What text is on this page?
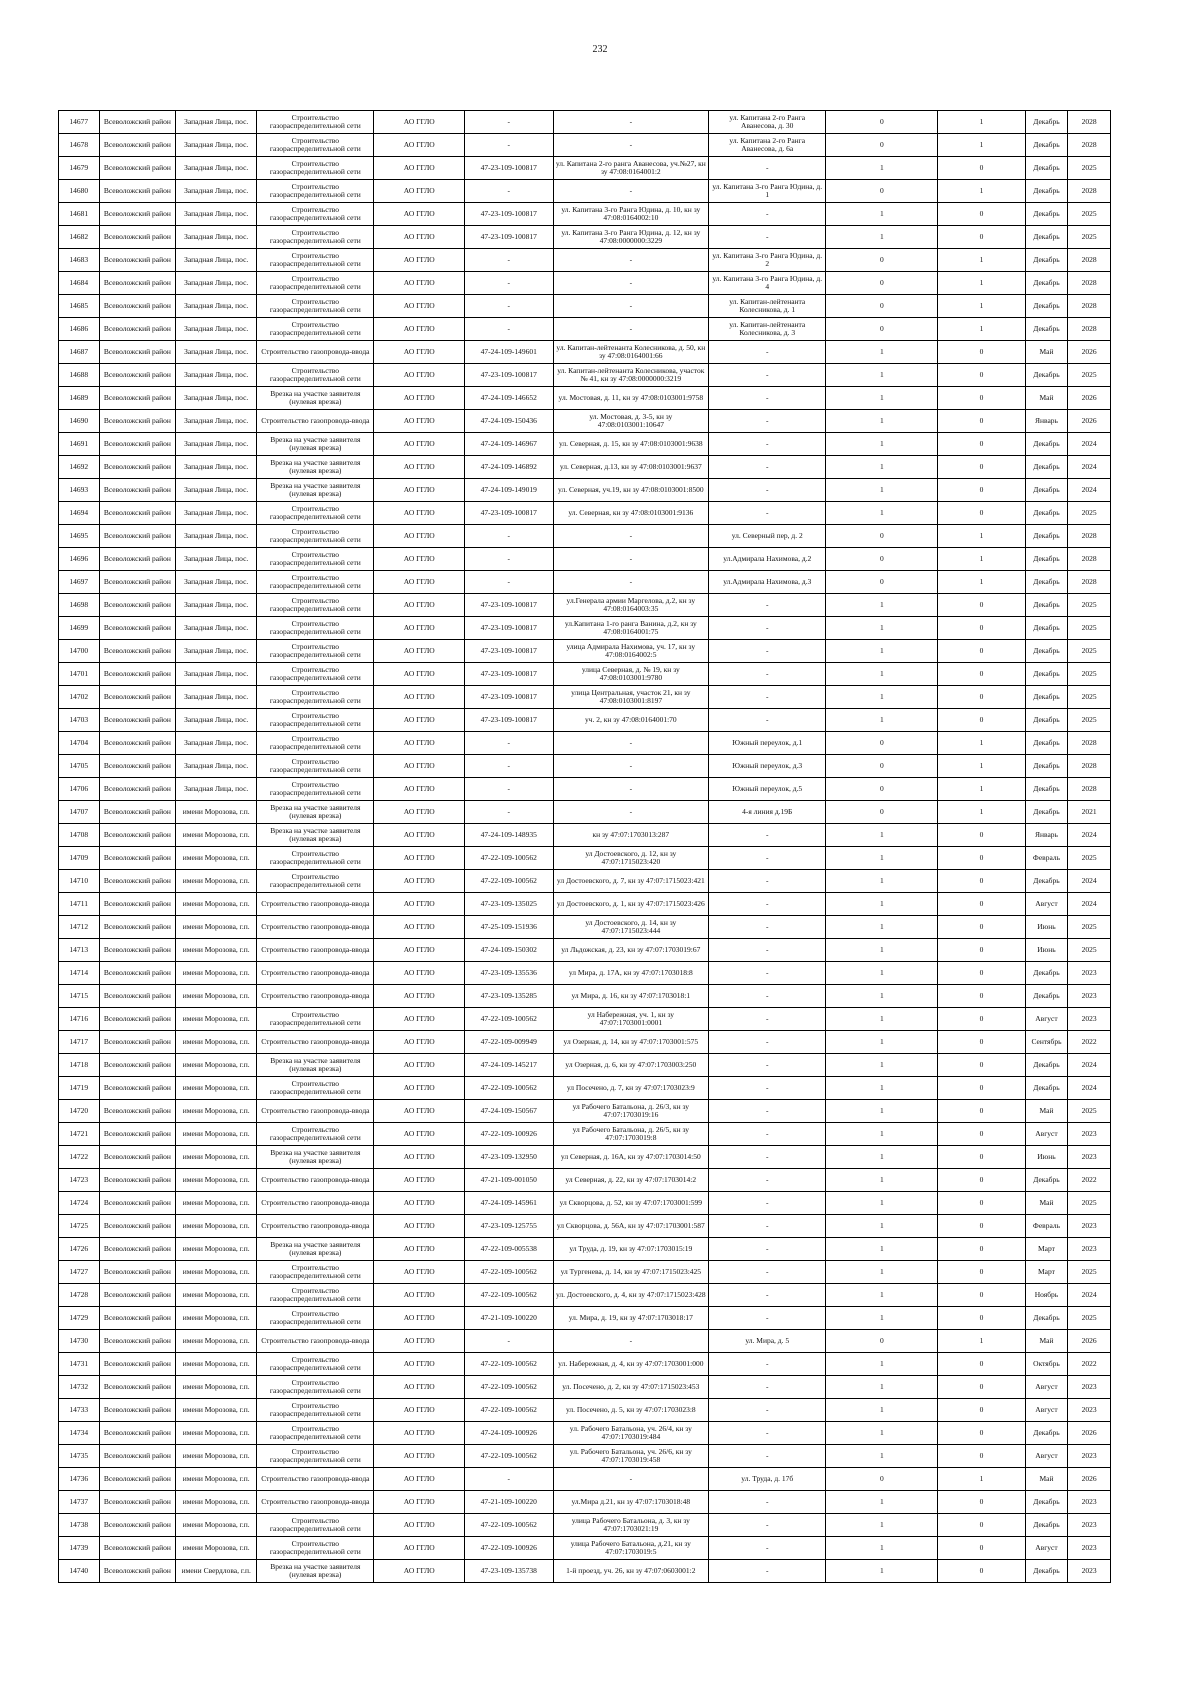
232
14677	Всеволожский район	Западная Лица, пос.	Строительство газораспределительной сети	АО ГГЛО	-	-	ул. Капитана 2-го Ранга Аванесова, д. 30	0	1	Декабрь	2028
14678	Всеволожский район	Западная Лица, пос.	Строительство газораспределительной сети	АО ГГЛО	-	-	ул. Капитана 2-го Ранга Аванесова, д. 6а	0	1	Декабрь	2028
14679	Всеволожский район	Западная Лица, пос.	Строительство газораспределительной сети	АО ГГЛО	47-23-109-100817	ул. Капитана 2-го ранга Аванесова, уч.№27, кн зу 47:08:0164001:2	-	1	0	Декабрь	2025
14680	Всеволожский район	Западная Лица, пос.	Строительство газораспределительной сети	АО ГГЛО	-	-	ул. Капитана 3-го Ранга Юдина, д. 1	0	1	Декабрь	2028
14681	Всеволожский район	Западная Лица, пос.	Строительство газораспределительной сети	АО ГГЛО	47-23-109-100817	ул. Капитана 3-го Ранга Юдина, д. 10, кн зу 47:08:0164002:10	-	1	0	Декабрь	2025
14682	Всеволожский район	Западная Лица, пос.	Строительство газораспределительной сети	АО ГГЛО	47-23-109-100817	ул. Капитана 3-го Ранга Юдина, д. 12, кн зу 47:08:0000000:3229	-	1	0	Декабрь	2025
14683	Всеволожский район	Западная Лица, пос.	Строительство газораспределительной сети	АО ГГЛО	-	-	ул. Капитана 3-го Ранга Юдина, д. 2	0	1	Декабрь	2028
14684	Всеволожский район	Западная Лица, пос.	Строительство газораспределительной сети	АО ГГЛО	-	-	ул. Капитана 3-го Ранга Юдина, д. 4	0	1	Декабрь	2028
14685	Всеволожский район	Западная Лица, пос.	Строительство газораспределительной сети	АО ГГЛО	-	-	ул. Капитан-лейтенанта Колесникова, д. 1	0	1	Декабрь	2028
14686	Всеволожский район	Западная Лица, пос.	Строительство газораспределительной сети	АО ГГЛО	-	-	ул. Капитан-лейтенанта Колесникова, д. 3	0	1	Декабрь	2028
14687	Всеволожский район	Западная Лица, пос.	Строительство газопровода-ввода	АО ГГЛО	47-24-109-149601	ул. Капитан-лейтенанта Колесникова, д. 50, кн зу 47:08:0164001:66	-	1	0	Май	2026
14688	Всеволожский район	Западная Лица, пос.	Строительство газораспределительной сети	АО ГГЛО	47-23-109-100817	ул. Капитан-лейтенанта Колесникова, участок № 41, кн зу 47:08:0000000:3219	-	1	0	Декабрь	2025
14689	Всеволожский район	Западная Лица, пос.	Врезка на участке заявителя (нулевая врезка)	АО ГГЛО	47-24-109-146652	ул. Мостовая, д. 11, кн зу 47:08:0103001:9758	-	1	0	Май	2026
14690	Всеволожский район	Западная Лица, пос.	Строительство газопровода-ввода	АО ГГЛО	47-24-109-150436	ул. Мостовая, д. 3-5, кн зу 47:08:0103001:10647	-	1	0	Январь	2026
14691	Всеволожский район	Западная Лица, пос.	Врезка на участке заявителя (нулевая врезка)	АО ГГЛО	47-24-109-146967	ул. Северная, д. 15, кн зу 47:08:0103001:9638	-	1	0	Декабрь	2024
14692	Всеволожский район	Западная Лица, пос.	Врезка на участке заявителя (нулевая врезка)	АО ГГЛО	47-24-109-146892	ул. Северная, д.13, кн зу 47:08:0103001:9637	-	1	0	Декабрь	2024
14693	Всеволожский район	Западная Лица, пос.	Врезка на участке заявителя (нулевая врезка)	АО ГГЛО	47-24-109-149019	ул. Северная, уч.19, кн зу 47:08:0103001:8500	-	1	0	Декабрь	2024
14694	Всеволожский район	Западная Лица, пос.	Строительство газораспределительной сети	АО ГГЛО	47-23-109-100817	ул. Северная, кн зу 47:08:0103001:9136	-	1	0	Декабрь	2025
14695	Всеволожский район	Западная Лица, пос.	Строительство газораспределительной сети	АО ГГЛО	-	-	ул. Северный пер, д. 2	0	1	Декабрь	2028
14696	Всеволожский район	Западная Лица, пос.	Строительство газораспределительной сети	АО ГГЛО	-	-	ул.Адмирала Нахимова, д.2	0	1	Декабрь	2028
14697	Всеволожский район	Западная Лица, пос.	Строительство газораспределительной сети	АО ГГЛО	-	-	ул.Адмирала Нахимова, д.3	0	1	Декабрь	2028
14698	Всеволожский район	Западная Лица, пос.	Строительство газораспределительной сети	АО ГГЛО	47-23-109-100817	ул.Генерала армии Маргелова, д.2, кн зу 47:08:0164003:35	-	1	0	Декабрь	2025
14699	Всеволожский район	Западная Лица, пос.	Строительство газораспределительной сети	АО ГГЛО	47-23-109-100817	ул.Капитана 1-го ранга Ванина, д.2, кн зу 47:08:0164001:75	-	1	0	Декабрь	2025
14700	Всеволожский район	Западная Лица, пос.	Строительство газораспределительной сети	АО ГГЛО	47-23-109-100817	улица Адмирала Нахимова, уч. 17, кн зу 47:08:0164002:5	-	1	0	Декабрь	2025
14701	Всеволожский район	Западная Лица, пос.	Строительство газораспределительной сети	АО ГГЛО	47-23-109-100817	улица Северная, д. № 19, кн зу 47:08:0103001:9780	-	1	0	Декабрь	2025
14702	Всеволожский район	Западная Лица, пос.	Строительство газораспределительной сети	АО ГГЛО	47-23-109-100817	улица Центральная, участок 21, кн зу 47:08:0103001:8197	-	1	0	Декабрь	2025
14703	Всеволожский район	Западная Лица, пос.	Строительство газораспределительной сети	АО ГГЛО	47-23-109-100817	уч. 2, кн зу 47:08:0164001:70	-	1	0	Декабрь	2025
14704	Всеволожский район	Западная Лица, пос.	Строительство газораспределительной сети	АО ГГЛО	-	-	Южный переулок, д.1	0	1	Декабрь	2028
14705	Всеволожский район	Западная Лица, пос.	Строительство газораспределительной сети	АО ГГЛО	-	-	Южный переулок, д.3	0	1	Декабрь	2028
14706	Всеволожский район	Западная Лица, пос.	Строительство газораспределительной сети	АО ГГЛО	-	-	Южный переулок, д.5	0	1	Декабрь	2028
14707	Всеволожский район	имени Морозова, г.п.	Врезка на участке заявителя (нулевая врезка)	АО ГГЛО	-	-	4-я линия д.19Б	0	1	Декабрь	2021
14708	Всеволожский район	имени Морозова, г.п.	Врезка на участке заявителя (нулевая врезка)	АО ГГЛО	47-24-109-148935	кн зу 47:07:1703013:287	-	1	0	Январь	2024
14709	Всеволожский район	имени Морозова, г.п.	Строительство газораспределительной сети	АО ГГЛО	47-22-109-100562	ул Достоевского, д. 12, кн зу 47:07:1715023:420	-	1	0	Февраль	2025
14710	Всеволожский район	имени Морозова, г.п.	Строительство газораспределительной сети	АО ГГЛО	47-22-109-100562	ул Достоевского, д. 7, кн зу 47:07:1715023:421	-	1	0	Декабрь	2024
14711	Всеволожский район	имени Морозова, г.п.	Строительство газопровода-ввода	АО ГГЛО	47-23-109-135025	ул Достоевского, д. 1, кн зу 47:07:1715023:426	-	1	0	Август	2024
14712	Всеволожский район	имени Морозова, г.п.	Строительство газопровода-ввода	АО ГГЛО	47-25-109-151936	ул Достоевского, д. 14, кн зу 47:07:1715023:444	-	1	0	Июнь	2025
14713	Всеволожский район	имени Морозова, г.п.	Строительство газопровода-ввода	АО ГГЛО	47-24-109-150302	ул Льдожская, д. 23, кн зу 47:07:1703019:67	-	1	0	Июнь	2025
14714	Всеволожский район	имени Морозова, г.п.	Строительство газопровода-ввода	АО ГГЛО	47-23-109-135536	ул Мира, д. 17А, кн зу 47:07:1703018:8	-	1	0	Декабрь	2023
14715	Всеволожский район	имени Морозова, г.п.	Строительство газопровода-ввода	АО ГГЛО	47-23-109-135285	ул Мира, д. 16, кн зу 47:07:1703018:1	-	1	0	Декабрь	2023
14716	Всеволожский район	имени Морозова, г.п.	Строительство газораспределительной сети	АО ГГЛО	47-22-109-100562	ул Набережная, уч. 1, кн зу 47:07:1703001:0001	-	1	0	Август	2023
14717	Всеволожский район	имени Морозова, г.п.	Строительство газопровода-ввода	АО ГГЛО	47-22-109-009949	ул Озерная, д. 14, кн зу 47:07:1703001:575	-	1	0	Сентябрь	2022
14718	Всеволожский район	имени Морозова, г.п.	Врезка на участке заявителя (нулевая врезка)	АО ГГЛО	47-24-109-145217	ул Озерная, д. 6, кн зу 47:07:1703003:250	-	1	0	Декабрь	2024
14719	Всеволожский район	имени Морозова, г.п.	Строительство газораспределительной сети	АО ГГЛО	47-22-109-100562	ул Посечено, д. 7, кн зу 47:07:1703023:9	-	1	0	Декабрь	2024
14720	Всеволожский район	имени Морозова, г.п.	Строительство газопровода-ввода	АО ГГЛО	47-24-109-150567	ул Рабочего Батальона, д. 26/3, кн зу 47:07:1703019:16	-	1	0	Май	2025
14721	Всеволожский район	имени Морозова, г.п.	Строительство газораспределительной сети	АО ГГЛО	47-22-109-100926	ул Рабочего Батальона, д. 26/5, кн зу 47:07:1703019:8	-	1	0	Август	2023
14722	Всеволожский район	имени Морозова, г.п.	Врезка на участке заявителя (нулевая врезка)	АО ГГЛО	47-23-109-132950	ул Северная, д. 16А, кн зу 47:07:1703014:50	-	1	0	Июнь	2023
14723	Всеволожский район	имени Морозова, г.п.	Строительство газопровода-ввода	АО ГГЛО	47-21-109-001050	ул Северная, д. 22, кн зу 47:07:1703014:2	-	1	0	Декабрь	2022
14724	Всеволожский район	имени Морозова, г.п.	Строительство газопровода-ввода	АО ГГЛО	47-24-109-145961	ул Скворцова, д. 52, кн зу 47:07:1703001:599	-	1	0	Май	2025
14725	Всеволожский район	имени Морозова, г.п.	Строительство газопровода-ввода	АО ГГЛО	47-23-109-125755	ул Скворцова, д. 56А, кн зу 47:07:1703001:587	-	1	0	Февраль	2023
14726	Всеволожский район	имени Морозова, г.п.	Врезка на участке заявителя (нулевая врезка)	АО ГГЛО	47-22-109-005538	ул Труда, д. 19, кн зу 47:07:1703015:19	-	1	0	Март	2023
14727	Всеволожский район	имени Морозова, г.п.	Строительство газораспределительной сети	АО ГГЛО	47-22-109-100562	ул Тургенева, д. 14, кн зу 47:07:1715023:425	-	1	0	Март	2025
14728	Всеволожский район	имени Морозова, г.п.	Строительство газораспределительной сети	АО ГГЛО	47-22-109-100562	ул. Достоевского, д. 4, кн зу 47:07:1715023:428	-	1	0	Ноябрь	2024
14729	Всеволожский район	имени Морозова, г.п.	Строительство газораспределительной сети	АО ГГЛО	47-21-109-100220	ул. Мира, д. 19, кн зу 47:07:1703018:17	-	1	0	Декабрь	2025
14730	Всеволожский район	имени Морозова, г.п.	Строительство газопровода-ввода	АО ГГЛО	-	-	ул. Мира, д. 5	0	1	Май	2026
14731	Всеволожский район	имени Морозова, г.п.	Строительство газораспределительной сети	АО ГГЛО	47-22-109-100562	ул. Набережная, д. 4, кн зу 47:07:1703001:000	-	1	0	Октябрь	2022
14732	Всеволожский район	имени Морозова, г.п.	Строительство газораспределительной сети	АО ГГЛО	47-22-109-100562	ул. Посечено, д. 2, кн зу 47:07:1715023:453	-	1	0	Август	2023
14733	Всеволожский район	имени Морозова, г.п.	Строительство газораспределительной сети	АО ГГЛО	47-22-109-100562	ул. Посечено, д. 5, кн зу 47:07:1703023:8	-	1	0	Август	2023
14734	Всеволожский район	имени Морозова, г.п.	Строительство газораспределительной сети	АО ГГЛО	47-24-109-100926	ул. Рабочего Батальона, уч. 26/4, кн зу 47:07:1703019:484	-	1	0	Декабрь	2026
14735	Всеволожский район	имени Морозова, г.п.	Строительство газораспределительной сети	АО ГГЛО	47-22-109-100562	ул. Рабочего Батальона, уч. 26/6, кн зу 47:07:1703019:458	-	1	0	Август	2023
14736	Всеволожский район	имени Морозова, г.п.	Строительство газопровода-ввода	АО ГГЛО	-	-	ул. Труда, д. 17б	0	1	Май	2026
14737	Всеволожский район	имени Морозова, г.п.	Строительство газопровода-ввода	АО ГГЛО	47-21-109-100220	ул.Мира д.21, кн зу 47:07:1703018:48	-	1	0	Декабрь	2023
14738	Всеволожский район	имени Морозова, г.п.	Строительство газораспределительной сети	АО ГГЛО	47-22-109-100562	улица Рабочего Батальона, д. 3, кн зу 47:07:1703021:19	-	1	0	Декабрь	2023
14739	Всеволожский район	имени Морозова, г.п.	Строительство газораспределительной сети	АО ГГЛО	47-22-109-100926	улица Рабочего Батальона, д.21, кн зу 47:07:1703019:5	-	1	0	Август	2023
14740	Всеволожский район	имени Свердлова, г.п.	Врезка на участке заявителя (нулевая врезка)	АО ГГЛО	47-23-109-135738	1-й проезд, уч. 26, кн зу 47:07:0603001:2	-	1	0	Декабрь	2023
